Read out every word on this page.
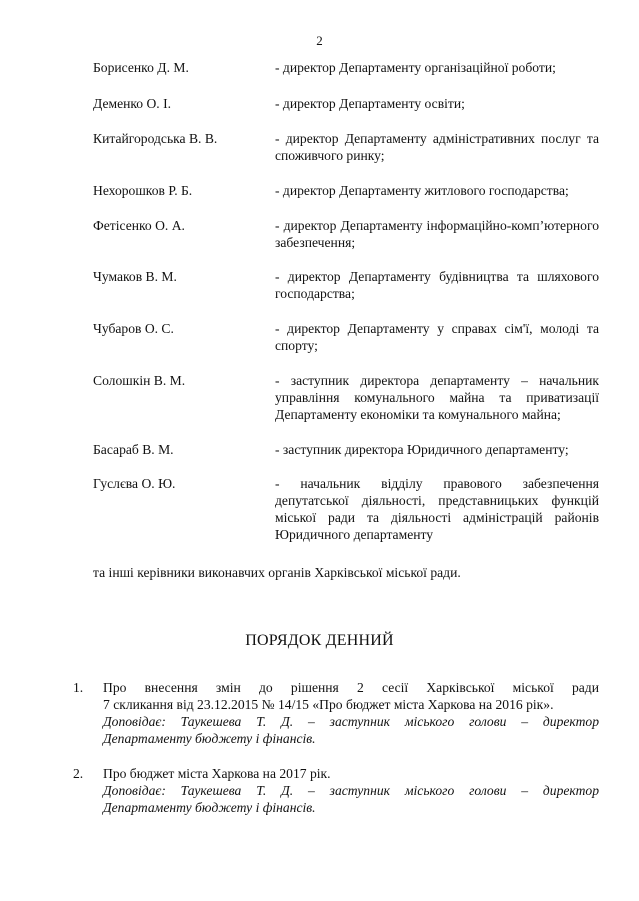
2
Борисенко Д. М.	- директор Департаменту організаційної роботи;
Деменко О. І.	- директор Департаменту освіти;
Китайгородська В. В.	- директор Департаменту адміністративних послуг та споживчого ринку;
Нехорошков Р. Б.	- директор Департаменту житлового господарства;
Фетісенко О. А.	- директор Департаменту інформаційно-комп’ютерного забезпечення;
Чумаков В. М.	- директор Департаменту будівництва та шляхового господарства;
Чубаров О. С.	- директор Департаменту у справах сім'ї, молоді та спорту;
Солошкін В. М.	- заступник директора департаменту – начальник управління комунального майна та приватизації Департаменту економіки та комунального майна;
Басараб В. М.	- заступник директора Юридичного департаменту;
Гуслєва О. Ю.	- начальник відділу правового забезпечення депутатської діяльності, представницьких функцій міської ради та діяльності адміністрацій районів Юридичного департаменту
та інші керівники виконавчих органів Харківської міської ради.
ПОРЯДОК ДЕННИЙ
1. Про внесення змін до рішення 2 сесії Харківської міської ради
7 скликання від 23.12.2015 № 14/15 «Про бюджет міста Харкова на 2016 рік».
Доповідає: Таукешева Т. Д. – заступник міського голови – директор
Департаменту бюджету і фінансів.
2. Про бюджет міста Харкова на 2017 рік.
Доповідає: Таукешева Т. Д. – заступник міського голови – директор
Департаменту бюджету і фінансів.
